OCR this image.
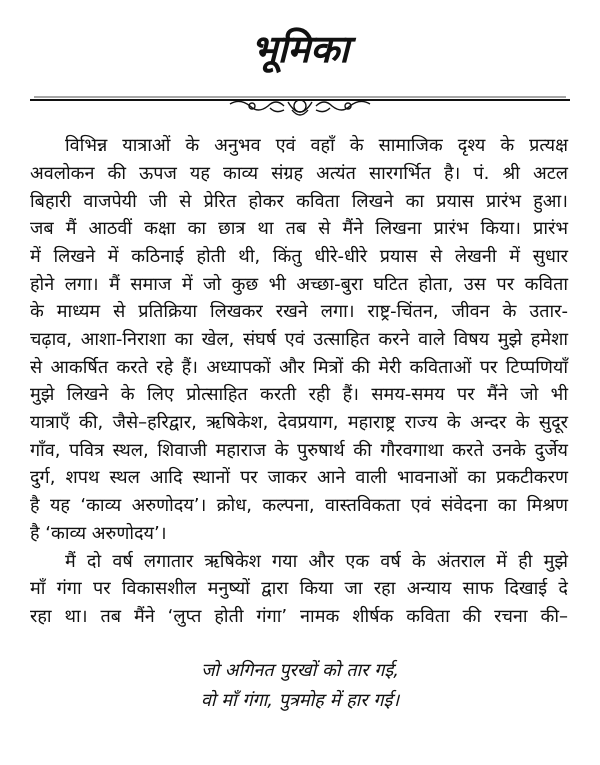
भूमिका
विभिन्न यात्राओं के अनुभव एवं वहाँ के सामाजिक दृश्य के प्रत्यक्ष
अवलोकन की ऊपज यह काव्य संग्रह अत्यंत सारगर्भित है। पं. श्री अटल
बिहारी वाजपेयी जी से प्रेरित होकर कविता लिखने का प्रयास प्रारंभ हुआ।
जब मैं आठवीं कक्षा का छात्र था तब से मैंने लिखना प्रारंभ किया। प्रारंभ
में लिखने में कठिनाई होती थी, किंतु धीरे-धीरे प्रयास से लेखनी में सुधार
होने लगा। मैं समाज में जो कुछ भी अच्छा-बुरा घटित होता, उस पर कविता
के माध्यम से प्रतिक्रिया लिखकर रखने लगा। राष्ट्र-चिंतन, जीवन के उतार-
चढ़ाव, आशा-निराशा का खेल, संघर्ष एवं उत्साहित करने वाले विषय मुझे हमेशा
से आकर्षित करते रहे हैं। अध्यापकों और मित्रों की मेरी कविताओं पर टिप्पणियाँ
मुझे लिखने के लिए प्रोत्साहित करती रही हैं। समय-समय पर मैंने जो भी
यात्राएँ की, जैसे–हरिद्वार, ऋषिकेश, देवप्रयाग, महाराष्ट्र राज्य के अन्दर के सुदूर
गाँव, पवित्र स्थल, शिवाजी महाराज के पुरुषार्थ की गौरवगाथा करते उनके दुर्जेय
दुर्ग, शपथ स्थल आदि स्थानों पर जाकर आने वाली भावनाओं का प्रकटीकरण
है यह ‘काव्य अरुणोदय’। क्रोध, कल्पना, वास्तविकता एवं संवेदना का मिश्रण
है ‘काव्य अरुणोदय’।
मैं दो वर्ष लगातार ऋषिकेश गया और एक वर्ष के अंतराल में ही मुझे
माँ गंगा पर विकासशील मनुष्यों द्वारा किया जा रहा अन्याय साफ दिखाई दे
रहा था। तब मैंने ‘लुप्त होती गंगा’ नामक शीर्षक कविता की रचना की–
जो अगिनत पुरखों को तार गई,
वो माँ गंगा, पुत्रमोह में हार गई।
